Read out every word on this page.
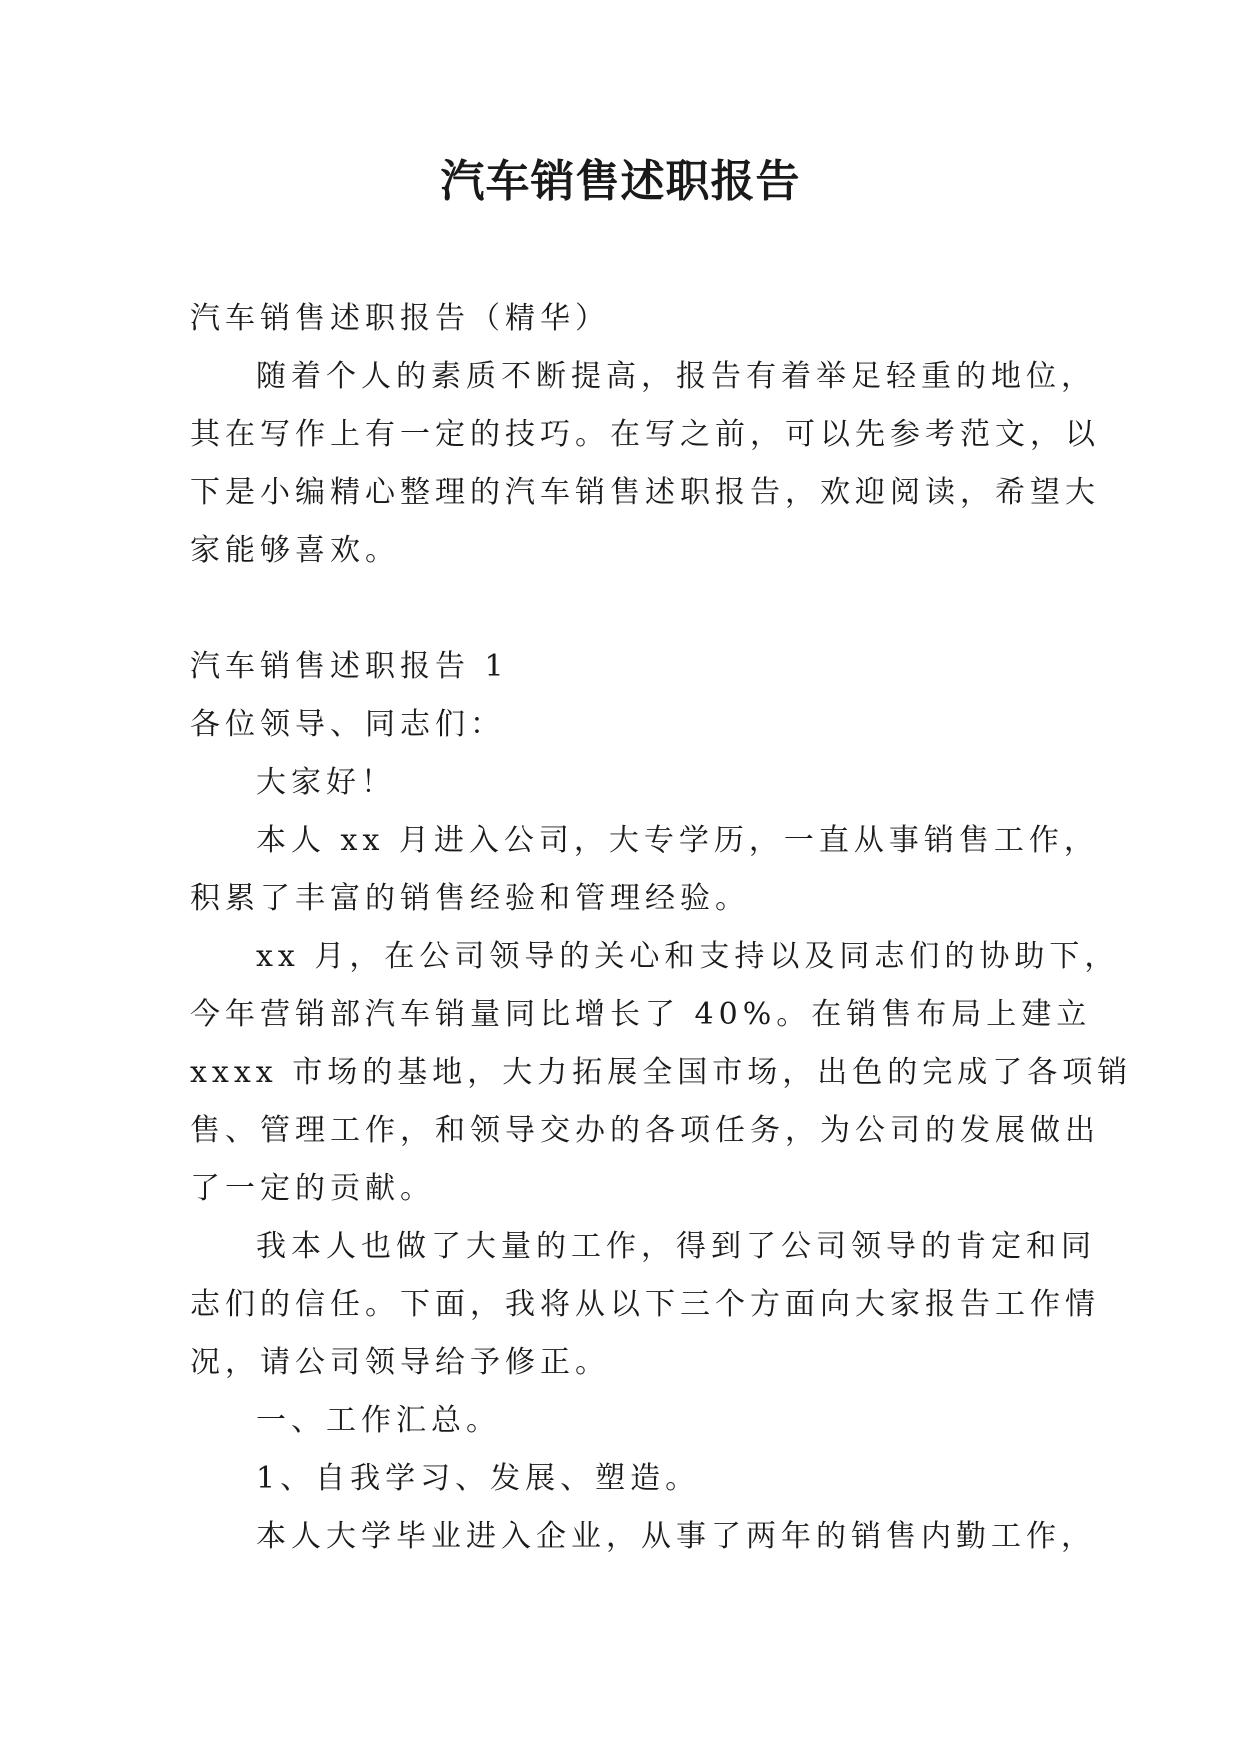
汽车销售述职报告
汽车销售述职报告（精华）
随着个人的素质不断提高，报告有着举足轻重的地位，
其在写作上有一定的技巧。在写之前，可以先参考范文，以
下是小编精心整理的汽车销售述职报告，欢迎阅读，希望大
家能够喜欢。
汽车销售述职报告 1
各位领导、同志们：
大家好！
本人 xx 月进入公司，大专学历，一直从事销售工作，
积累了丰富的销售经验和管理经验。
xx 月，在公司领导的关心和支持以及同志们的协助下，
今年营销部汽车销量同比增长了 40%。在销售布局上建立
xxxx 市场的基地，大力拓展全国市场，出色的完成了各项销
售、管理工作，和领导交办的各项任务，为公司的发展做出
了一定的贡献。
我本人也做了大量的工作，得到了公司领导的肯定和同
志们的信任。下面，我将从以下三个方面向大家报告工作情
况，请公司领导给予修正。
一、工作汇总。
1、自我学习、发展、塑造。
本人大学毕业进入企业，从事了两年的销售内勤工作，
